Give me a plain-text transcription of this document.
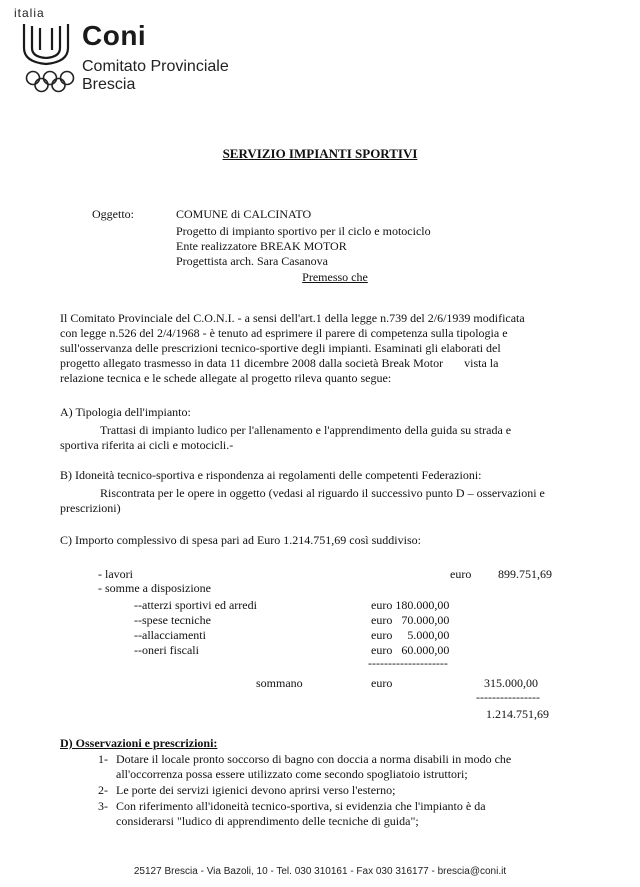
italia
Coni
Comitato Provinciale
Brescia
SERVIZIO IMPIANTI SPORTIVI
Oggetto:	COMUNE di CALCINATO
Progetto di impianto sportivo per il ciclo e motociclo
Ente realizzatore BREAK MOTOR
Progettista arch. Sara Casanova
Premesso che
Il Comitato Provinciale del C.O.N.I. - a sensi dell'art.1 della legge n.739 del 2/6/1939 modificata
con legge n.526 del 2/4/1968 - è tenuto ad esprimere il parere di competenza sulla tipologia e
sull'osservanza delle prescrizioni tecnico-sportive degli impianti. Esaminati gli elaborati del
progetto allegato trasmesso in data 11 dicembre 2008 dalla società Break Motor       vista la
relazione tecnica e le schede allegate al progetto rileva quanto segue:
A) Tipologia dell'impianto:
Trattasi di impianto ludico per l'allenamento e l'apprendimento della guida su strada e
sportiva riferita ai cicli e motocicli.-
B) Idoneità tecnico-sportiva e rispondenza ai regolamenti delle competenti Federazioni:
Riscontrata per le opere in oggetto (vedasi al riguardo il successivo punto D – osservazioni e
prescrizioni)
C) Importo complessivo di spesa pari ad Euro 1.214.751,69 così suddiviso:
- lavori	euro 899.751,69
- somme a disposizione
--atterzi sportivi ed arredi	euro 180.000,00
--spese tecniche	euro   70.000,00
--allacciamenti	euro     5.000,00
--oneri fiscali	euro   60.000,00
--------------------
sommano	euro	315.000,00
----------------
1.214.751,69
D) Osservazioni e prescrizioni:
1- Dotare il locale pronto soccorso di bagno con doccia a norma disabili in modo che
all'occorrenza possa essere utilizzato come secondo spogliatoio istruttori;
2- Le porte dei servizi igienici devono aprirsi verso l'esterno;
3- Con riferimento all'idoneità tecnico-sportiva, si evidenzia che l'impianto è da
considerarsi "ludico di apprendimento delle tecniche di guida";
25127 Brescia - Via Bazoli, 10 - Tel. 030 310161 - Fax 030 316177 - brescia@coni.it
